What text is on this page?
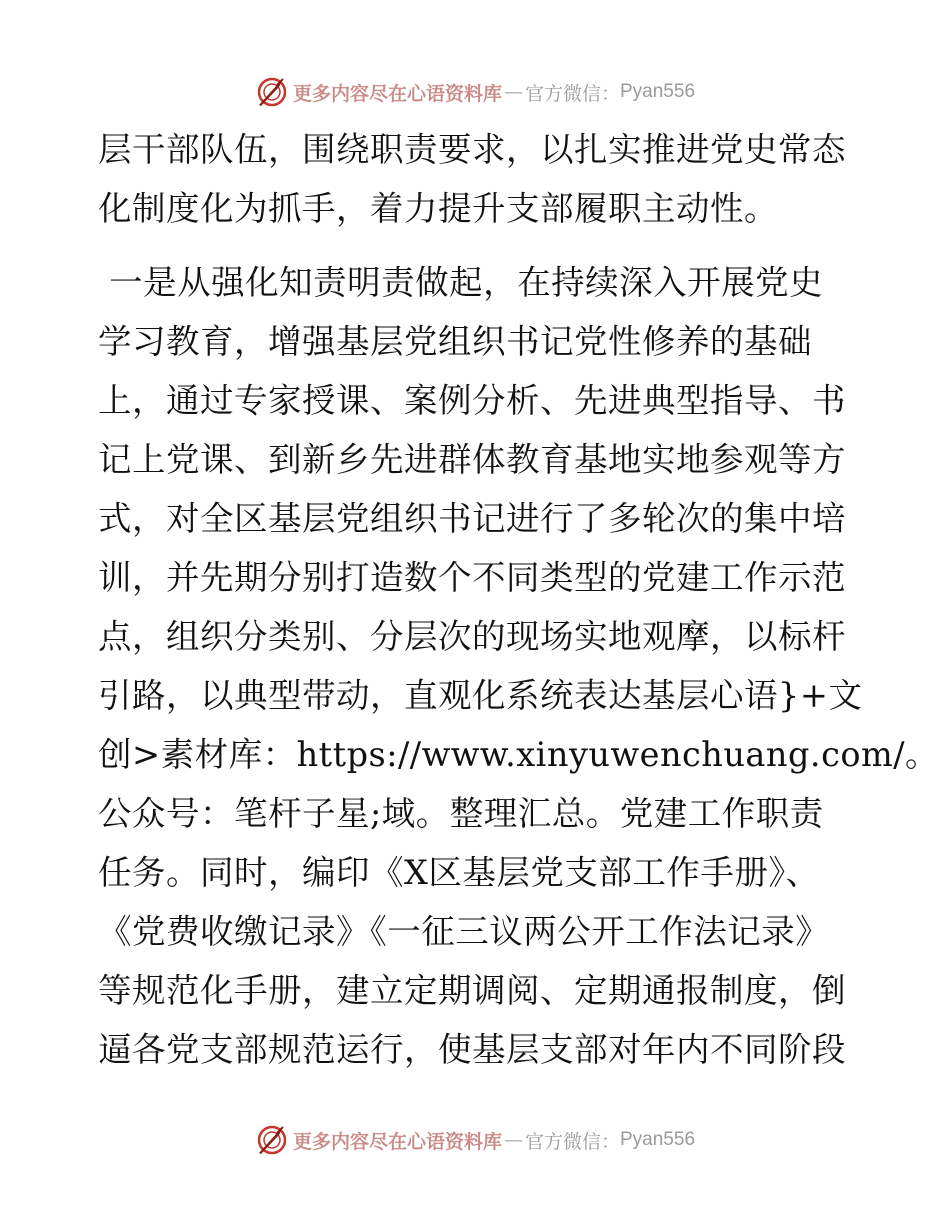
更多内容尽在心语资料库 — 官方微信： Pyan556
层干部队伍，围绕职责要求，以扎实推进党史常态
化制度化为抓手，着力提升支部履职主动性。
一是从强化知责明责做起，在持续深入开展党史
学习教育，增强基层党组织书记党性修养的基础
上，通过专家授课、案例分析、先进典型指导、书
记上党课、到新乡先进群体教育基地实地参观等方
式，对全区基层党组织书记进行了多轮次的集中培
训，并先期分别打造数个不同类型的党建工作示范
点，组织分类别、分层次的现场实地观摩，以标杆
引路，以典型带动，直观化系统表达基层心语}+文
创>素材库：https://www.xinyuwenchuang.com/。
公众号：笔杆子星;域。整理汇总。党建工作职责
任务。同时，编印《X区基层党支部工作手册》、
《党费收缴记录》《一征三议两公开工作法记录》
等规范化手册，建立定期调阅、定期通报制度，倒
逼各党支部规范运行，使基层支部对年内不同阶段
更多内容尽在心语资料库 — 官方微信： Pyan556
